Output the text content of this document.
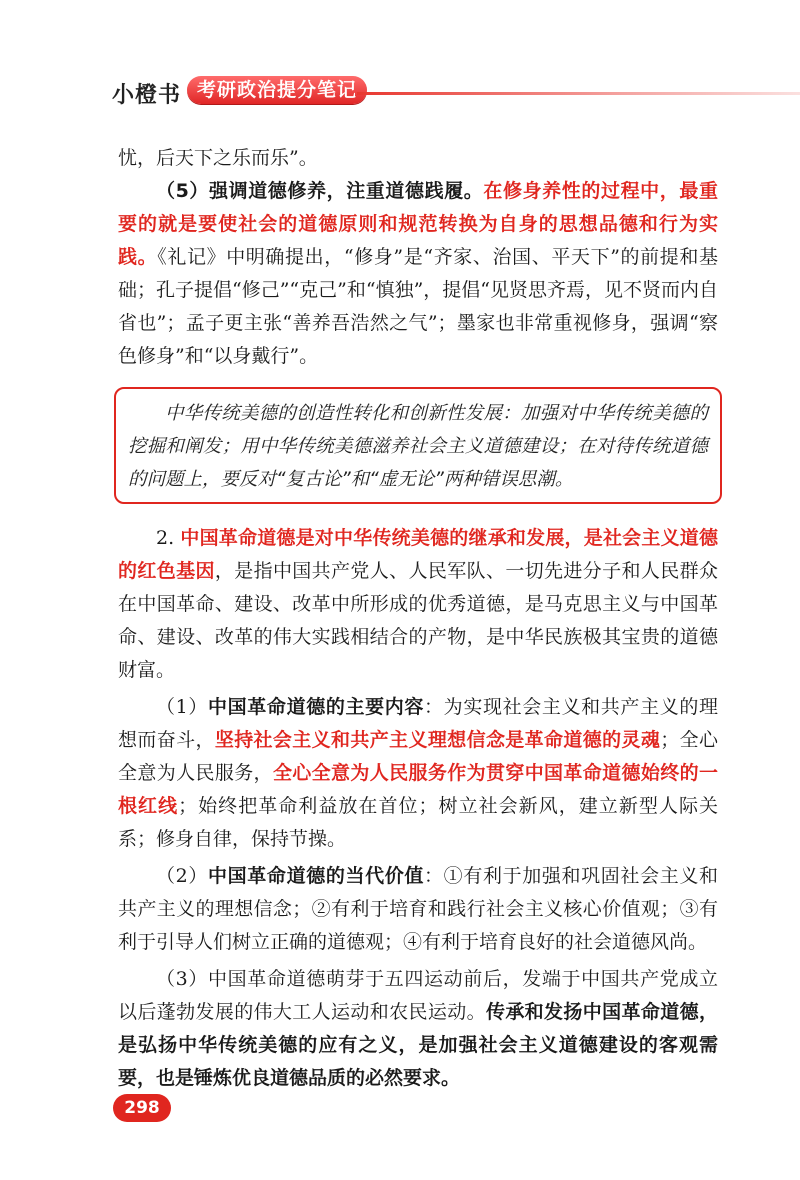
小橙书 考研政治提分笔记

忧，后天下之乐而乐”。

（5）强调道德修养，注重道德践履。在修身养性的过程中，最重要的就是要使社会的道德原则和规范转换为自身的思想品德和行为实践。《礼记》中明确提出，“修身”是“齐家、治国、平天下”的前提和基础；孔子提倡“修己”“克己”和“慎独”，提倡“见贤思齐焉，见不贤而内自省也”；孟子更主张“善养吾浩然之气”；墨家也非常重视修身，强调“察色修身”和“以身戴行”。

中华传统美德的创造性转化和创新性发展：加强对中华传统美德的挖掘和阐发；用中华传统美德滋养社会主义道德建设；在对待传统道德的问题上，要反对“复古论”和“虚无论”两种错误思潮。

2. 中国革命道德是对中华传统美德的继承和发展，是社会主义道德的红色基因，是指中国共产党人、人民军队、一切先进分子和人民群众在中国革命、建设、改革中所形成的优秀道德，是马克思主义与中国革命、建设、改革的伟大实践相结合的产物，是中华民族极其宝贵的道德财富。

（1）中国革命道德的主要内容：为实现社会主义和共产主义的理想而奋斗，坚持社会主义和共产主义理想信念是革命道德的灵魂；全心全意为人民服务，全心全意为人民服务作为贯穿中国革命道德始终的一根红线；始终把革命利益放在首位；树立社会新风，建立新型人际关系；修身自律，保持节操。

（2）中国革命道德的当代价值：①有利于加强和巩固社会主义和共产主义的理想信念；②有利于培育和践行社会主义核心价值观；③有利于引导人们树立正确的道德观；④有利于培育良好的社会道德风尚。

（3）中国革命道德萌芽于五四运动前后，发端于中国共产党成立以后蓬勃发展的伟大工人运动和农民运动。传承和发扬中国革命道德，是弘扬中华传统美德的应有之义，是加强社会主义道德建设的客观需要，也是锤炼优良道德品质的必然要求。

298
